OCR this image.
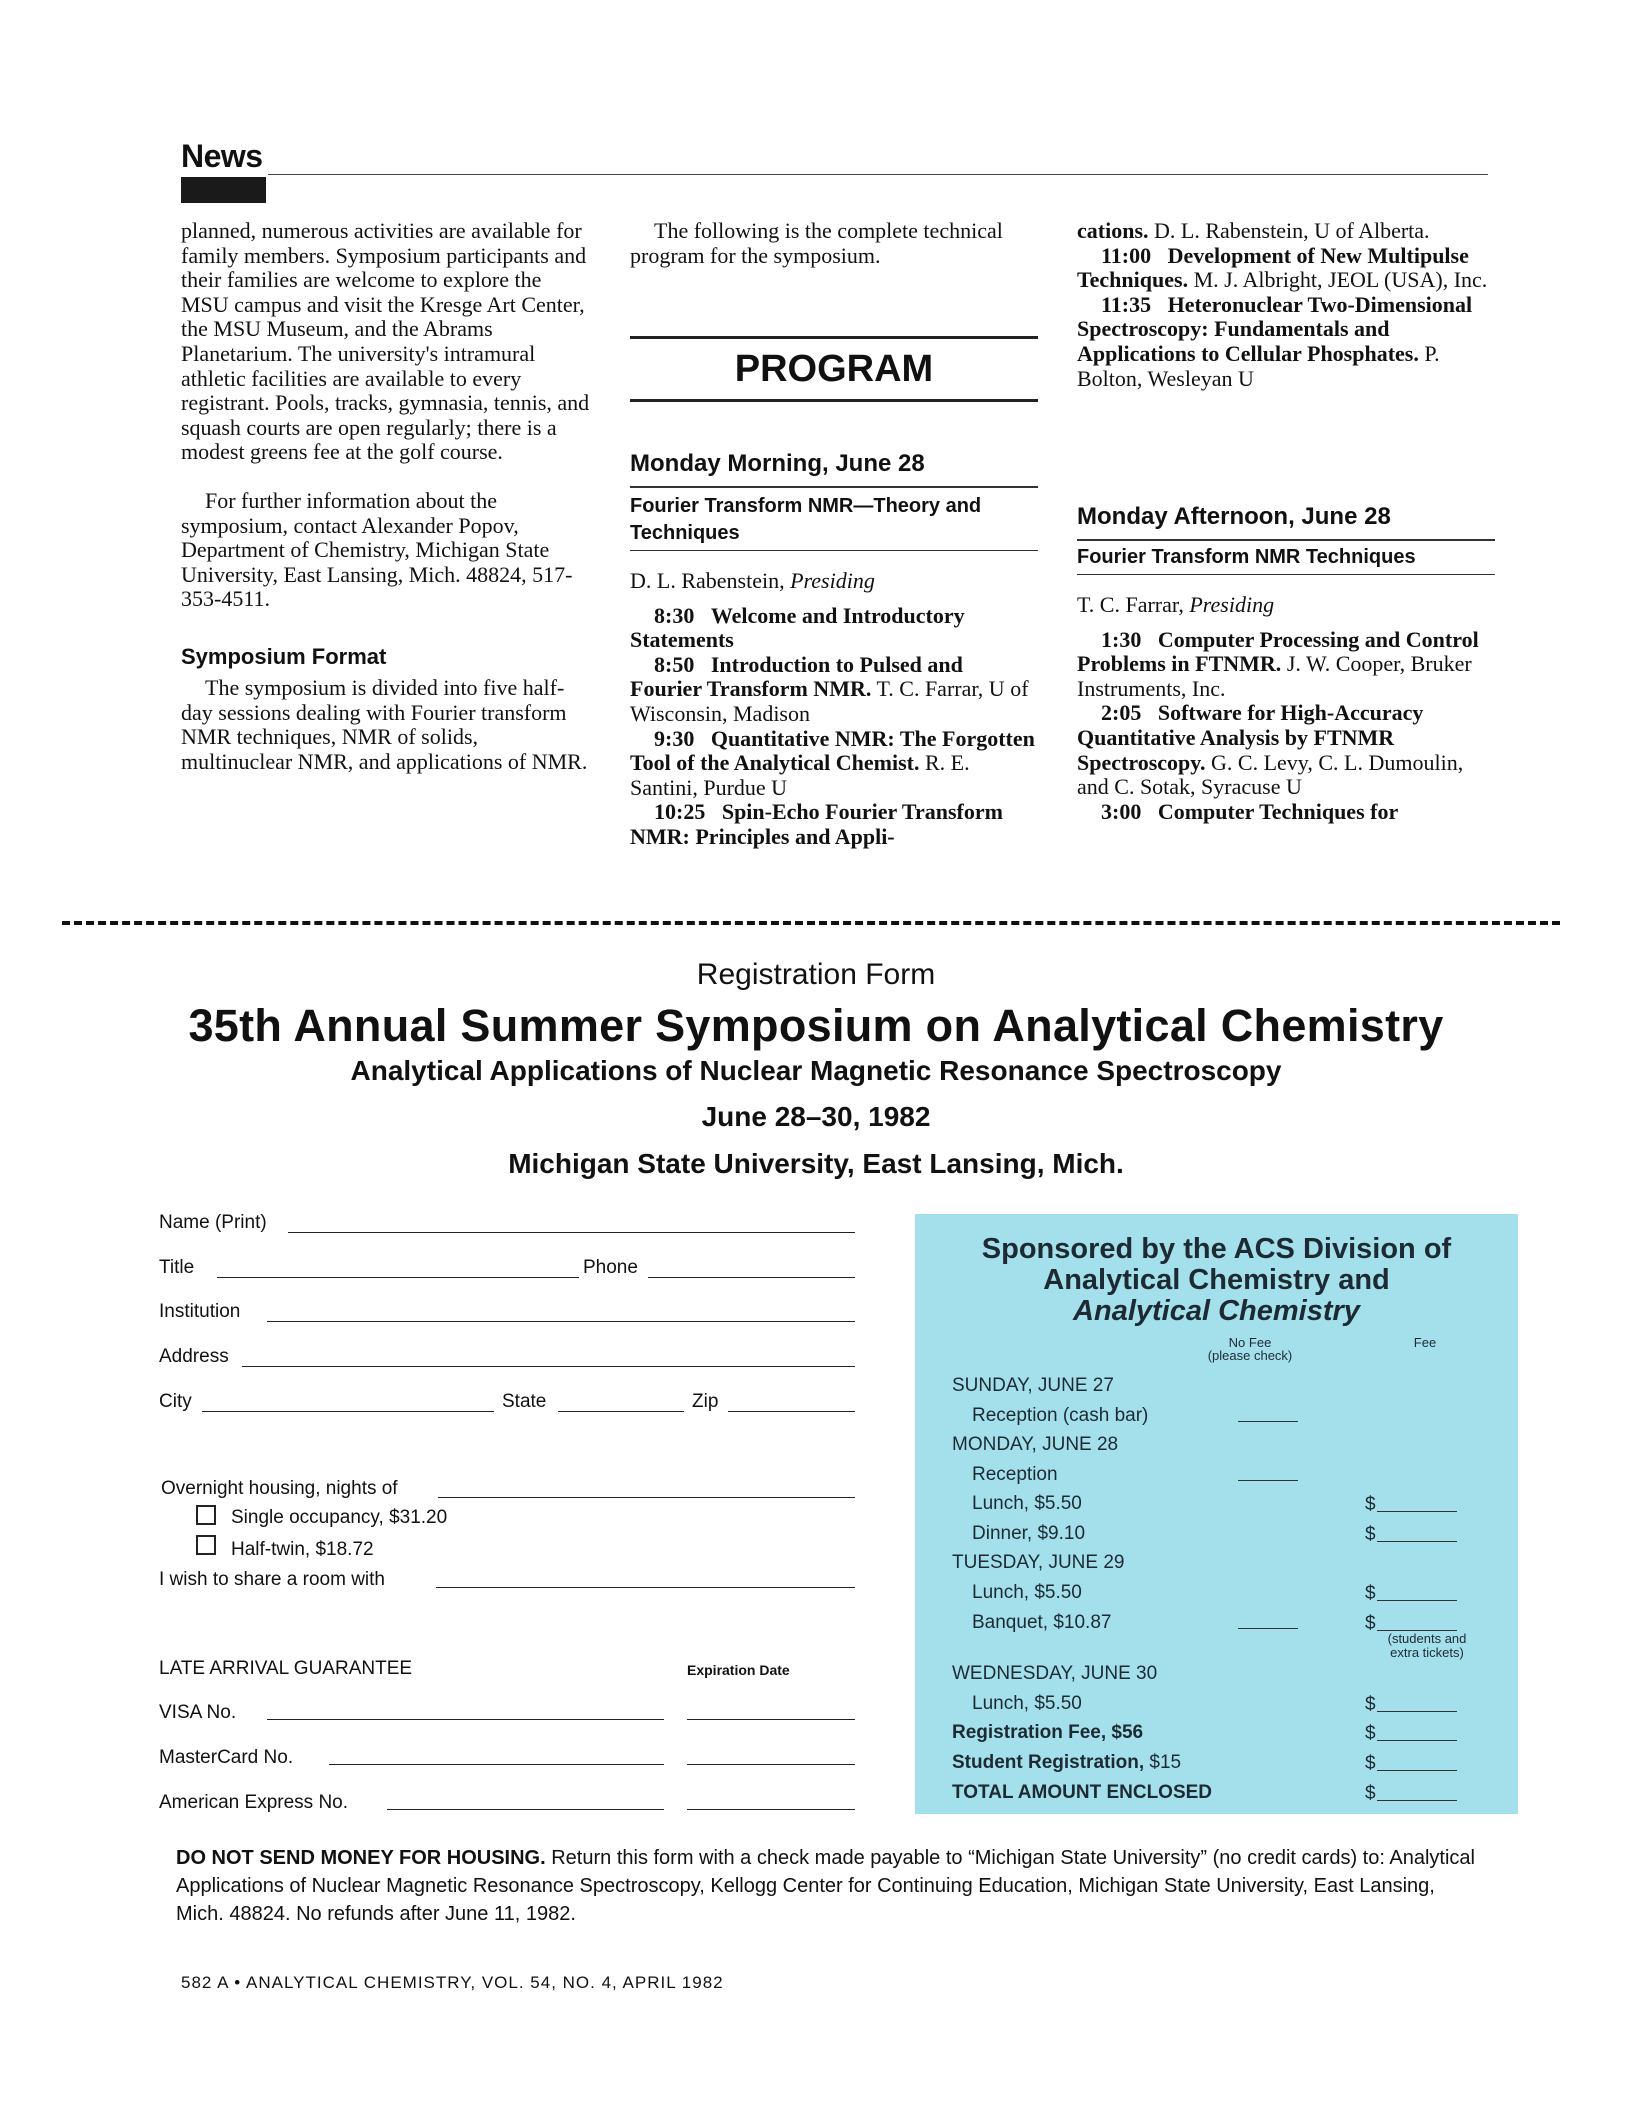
News

planned, numerous activities are available for family members. Symposium participants and their families are welcome to explore the MSU campus and visit the Kresge Art Center, the MSU Museum, and the Abrams Planetarium. The university's intramural athletic facilities are available to every registrant. Pools, tracks, gymnasia, tennis, and squash courts are open regularly; there is a modest greens fee at the golf course.

For further information about the symposium, contact Alexander Popov, Department of Chemistry, Michigan State University, East Lansing, Mich. 48824, 517-353-4511.

Symposium Format

The symposium is divided into five half-day sessions dealing with Fourier transform NMR techniques, NMR of solids, multinuclear NMR, and applications of NMR.

The following is the complete technical program for the symposium.

PROGRAM
Monday Morning, June 28
Fourier Transform NMR—Theory and Techniques

D. L. Rabenstein, Presiding

8:30 Welcome and Introductory Statements

8:50 Introduction to Pulsed and Fourier Transform NMR. T. C. Farrar, U of Wisconsin, Madison

9:30 Quantitative NMR: The Forgotten Tool of the Analytical Chemist. R. E. Santini, Purdue U

10:25 Spin-Echo Fourier Transform NMR: Principles and Appli-

cations. D. L. Rabenstein, U of Alberta.

11:00 Development of New Multipulse Techniques. M. J. Albright, JEOL (USA), Inc.

11:35 Heteronuclear Two-Dimensional Spectroscopy: Fundamentals and Applications to Cellular Phosphates. P. Bolton, Wesleyan U

Monday Afternoon, June 28
Fourier Transform NMR Techniques

T. C. Farrar, Presiding

1:30 Computer Processing and Control Problems in FTNMR. J. W. Cooper, Bruker Instruments, Inc.

2:05 Software for High-Accuracy Quantitative Analysis by FTNMR Spectroscopy. G. C. Levy, C. L. Dumoulin, and C. Sotak, Syracuse U

3:00 Computer Techniques for

Registration Form
35th Annual Summer Symposium on Analytical Chemistry
Analytical Applications of Nuclear Magnetic Resonance Spectroscopy
June 28–30, 1982
Michigan State University, East Lansing, Mich.
Name (Print)
Title	Phone
Institution
Address
City	State	Zip
Overnight housing, nights of
Single occupancy, $31.20
Half-twin, $18.72
I wish to share a room with
LATE ARRIVAL GUARANTEE	Expiration Date
VISA No.
MasterCard No.
American Express No.
Sponsored by the ACS Division of
Analytical Chemistry and
Analytical Chemistry
No Fee
(please check)
Fee
SUNDAY, JUNE 27
Reception (cash bar)
MONDAY, JUNE 28
Reception
Lunch, $5.50	$
Dinner, $9.10	$
TUESDAY, JUNE 29
Lunch, $5.50	$
Banquet, $10.87	$
(students and
extra tickets)
WEDNESDAY, JUNE 30
Lunch, $5.50	$
Registration Fee, $56	$
Student Registration, $15	$
TOTAL AMOUNT ENCLOSED	$
DO NOT SEND MONEY FOR HOUSING. Return this form with a check made payable to “Michigan State University” (no credit cards) to: Analytical Applications of Nuclear Magnetic Resonance Spectroscopy, Kellogg Center for Continuing Education, Michigan State University, East Lansing, Mich. 48824. No refunds after June 11, 1982.
582 A • ANALYTICAL CHEMISTRY, VOL. 54, NO. 4, APRIL 1982
